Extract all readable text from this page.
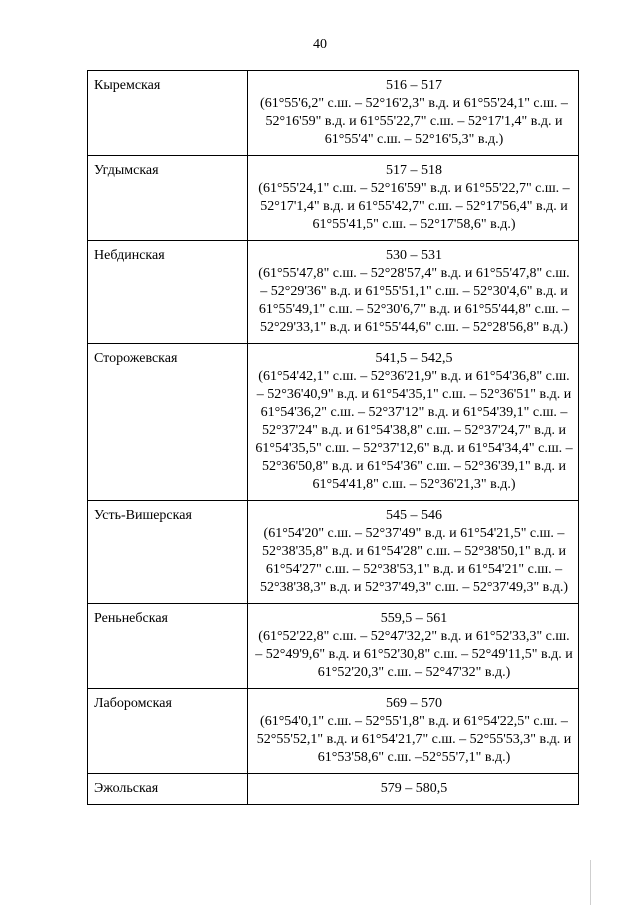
40
Кыремская	516 – 517
(61°55'6,2" с.ш. – 52°16'2,3" в.д. и 61°55'24,1" с.ш. – 52°16'59" в.д. и 61°55'22,7" с.ш. – 52°17'1,4" в.д. и 61°55'4" с.ш. – 52°16'5,3" в.д.)

Угдымская	517 – 518
(61°55'24,1" с.ш. – 52°16'59" в.д. и 61°55'22,7" с.ш. – 52°17'1,4" в.д. и 61°55'42,7" с.ш. – 52°17'56,4" в.д. и 61°55'41,5" с.ш. – 52°17'58,6" в.д.)

Небдинская	530 – 531
(61°55'47,8" с.ш. – 52°28'57,4" в.д. и 61°55'47,8" с.ш. – 52°29'36" в.д. и 61°55'51,1" с.ш. – 52°30'4,6" в.д. и 61°55'49,1" с.ш. – 52°30'6,7" в.д. и 61°55'44,8" с.ш. – 52°29'33,1" в.д. и 61°55'44,6" с.ш. – 52°28'56,8" в.д.)

Сторожевская	541,5 – 542,5
(61°54'42,1" с.ш. – 52°36'21,9" в.д. и 61°54'36,8" с.ш. – 52°36'40,9" в.д. и 61°54'35,1" с.ш. – 52°36'51" в.д. и 61°54'36,2" с.ш. – 52°37'12" в.д. и 61°54'39,1" с.ш. – 52°37'24" в.д. и 61°54'38,8" с.ш. – 52°37'24,7" в.д. и 61°54'35,5" с.ш. – 52°37'12,6" в.д. и 61°54'34,4" с.ш. – 52°36'50,8" в.д. и 61°54'36" с.ш. – 52°36'39,1" в.д. и 61°54'41,8" с.ш. – 52°36'21,3" в.д.)

Усть-Вишерская	545 – 546
(61°54'20" с.ш. – 52°37'49" в.д. и 61°54'21,5" с.ш. – 52°38'35,8" в.д. и 61°54'28" с.ш. – 52°38'50,1" в.д. и 61°54'27" с.ш. – 52°38'53,1" в.д. и 61°54'21" с.ш. – 52°38'38,3" в.д. и 52°37'49,3" с.ш. – 52°37'49,3" в.д.)

Реньнебская	559,5 – 561
(61°52'22,8" с.ш. – 52°47'32,2" в.д. и 61°52'33,3" с.ш. – 52°49'9,6" в.д. и 61°52'30,8" с.ш. – 52°49'11,5" в.д. и 61°52'20,3" с.ш. – 52°47'32" в.д.)

Лаборомская	569 – 570
(61°54'0,1" с.ш. – 52°55'1,8" в.д. и 61°54'22,5" с.ш. – 52°55'52,1" в.д. и 61°54'21,7" с.ш. – 52°55'53,3" в.д. и 61°53'58,6" с.ш. –52°55'7,1" в.д.)

Эжольская	579 – 580,5
